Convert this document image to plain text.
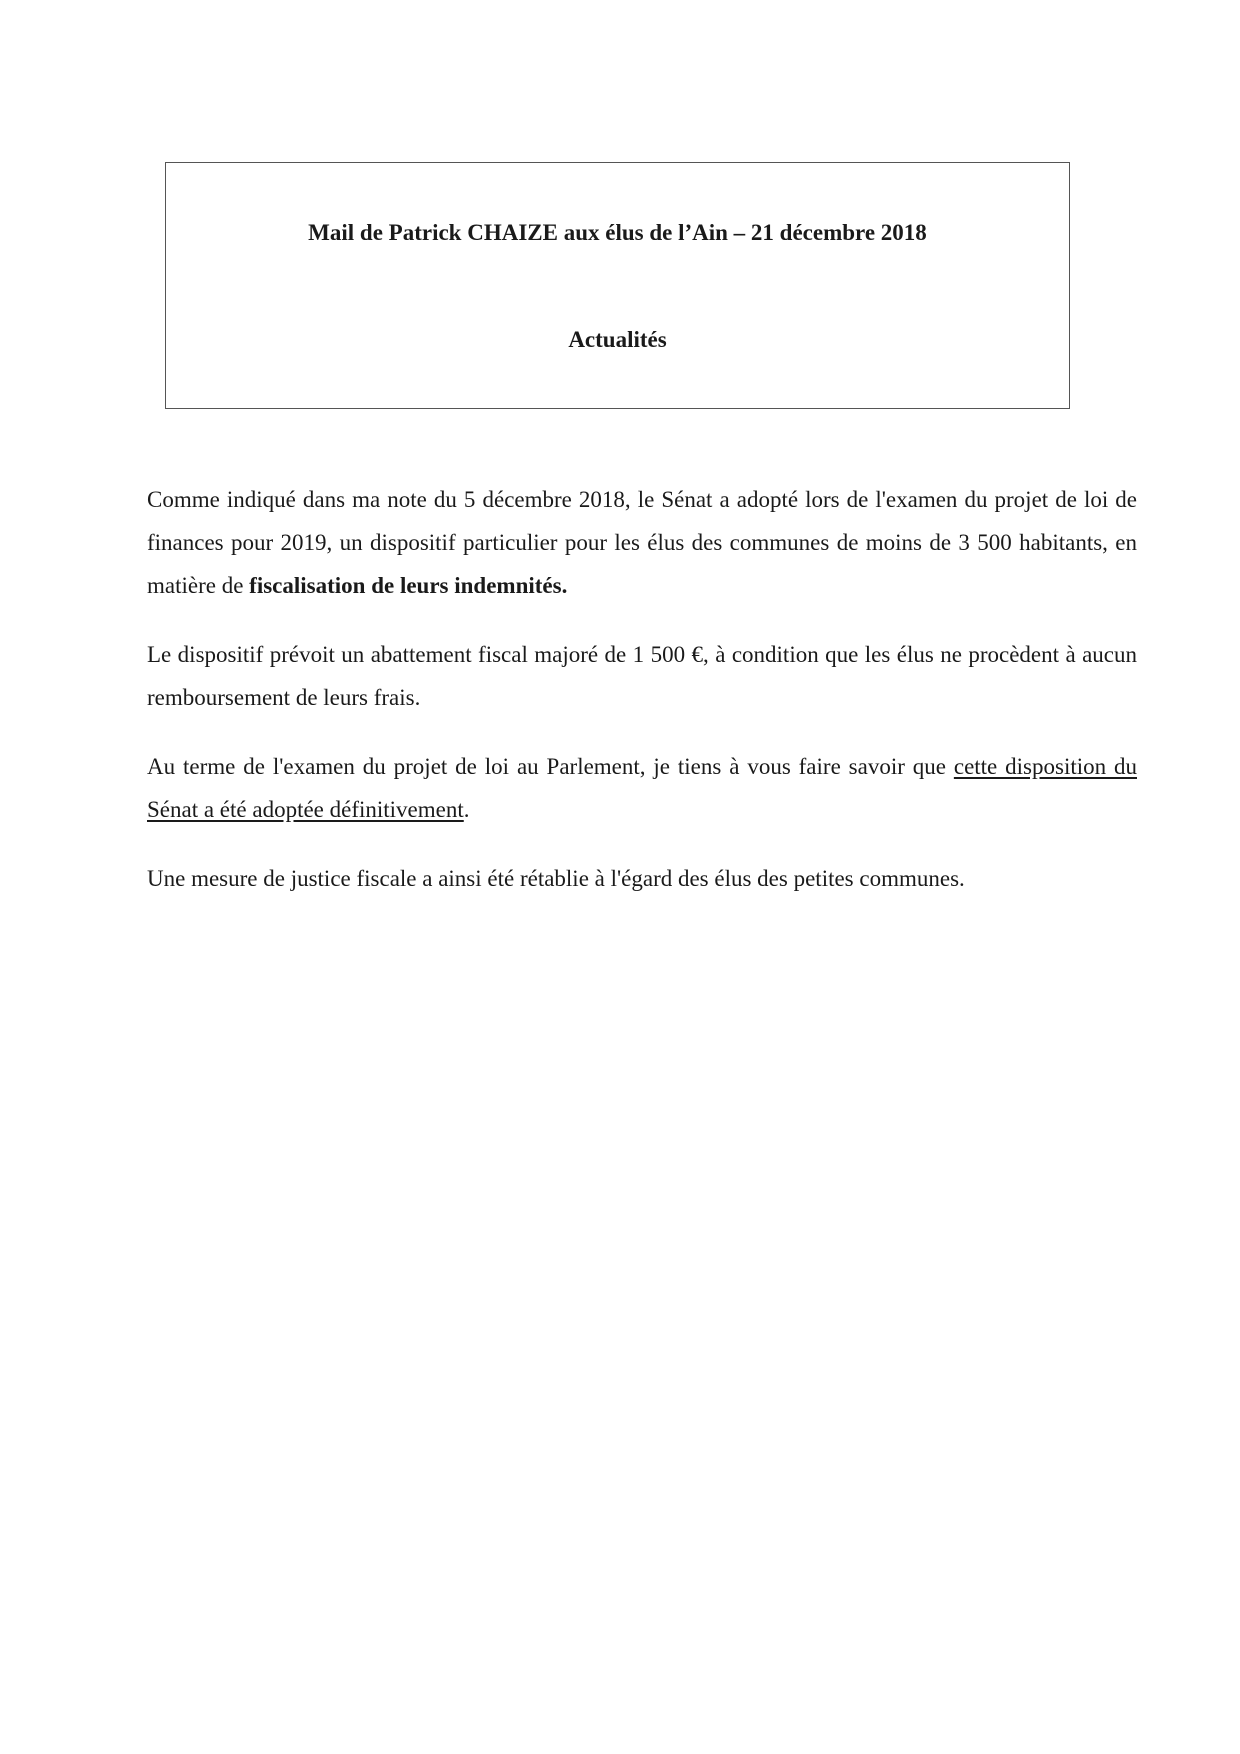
Mail de Patrick CHAIZE aux élus de l’Ain – 21 décembre 2018
Actualités

Comme indiqué dans ma note du 5 décembre 2018, le Sénat a adopté lors de l'examen du projet de loi de finances pour 2019, un dispositif particulier pour les élus des communes de moins de 3 500 habitants, en matière de fiscalisation de leurs indemnités.

Le dispositif prévoit un abattement fiscal majoré de 1 500 €, à condition que les élus ne procèdent à aucun remboursement de leurs frais.

Au terme de l'examen du projet de loi au Parlement, je tiens à vous faire savoir que cette disposition du Sénat a été adoptée définitivement.

Une mesure de justice fiscale a ainsi été rétablie à l'égard des élus des petites communes.
